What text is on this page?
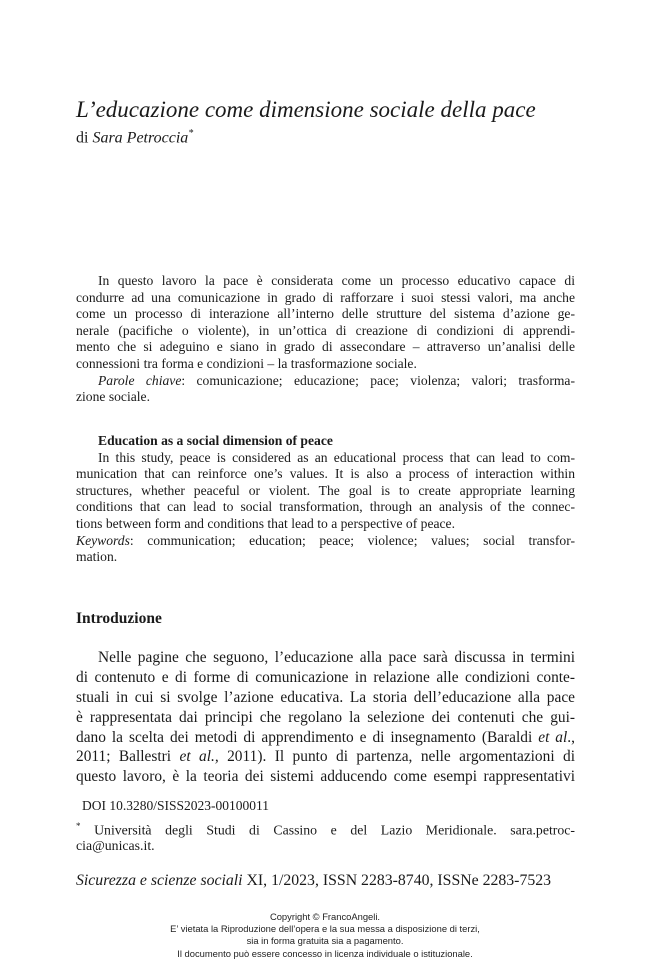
L’educazione come dimensione sociale della pace
di Sara Petroccia*
In questo lavoro la pace è considerata come un processo educativo capace di
condurre ad una comunicazione in grado di rafforzare i suoi stessi valori, ma anche
come un processo di interazione all’interno delle strutture del sistema d’azione ge-
nerale (pacifiche o violente), in un’ottica di creazione di condizioni di apprendi-
mento che si adeguino e siano in grado di assecondare – attraverso un’analisi delle
connessioni tra forma e condizioni – la trasformazione sociale.
Parole chiave: comunicazione; educazione; pace; violenza; valori; trasforma-
zione sociale.
Education as a social dimension of peace
In this study, peace is considered as an educational process that can lead to com-
munication that can reinforce one’s values. It is also a process of interaction within
structures, whether peaceful or violent. The goal is to create appropriate learning
conditions that can lead to social transformation, through an analysis of the connec-
tions between form and conditions that lead to a perspective of peace.
Keywords: communication; education; peace; violence; values; social transfor-
mation.
Introduzione
Nelle pagine che seguono, l’educazione alla pace sarà discussa in termini
di contenuto e di forme di comunicazione in relazione alle condizioni conte-
stuali in cui si svolge l’azione educativa. La storia dell’educazione alla pace
è rappresentata dai principi che regolano la selezione dei contenuti che gui-
dano la scelta dei metodi di apprendimento e di insegnamento (Baraldi et al.,
2011; Ballestri et al., 2011). Il punto di partenza, nelle argomentazioni di
questo lavoro, è la teoria dei sistemi adducendo come esempi rappresentativi
DOI 10.3280/SISS2023-00100011
* Università degli Studi di Cassino e del Lazio Meridionale. sara.petroc-
cia@unicas.it.
Sicurezza e scienze sociali XI, 1/2023, ISSN 2283-8740, ISSNe 2283-7523
Copyright © FrancoAngeli.
E’ vietata la Riproduzione dell’opera e la sua messa a disposizione di terzi,
sia in forma gratuita sia a pagamento.
Il documento può essere concesso in licenza individuale o istituzionale.
